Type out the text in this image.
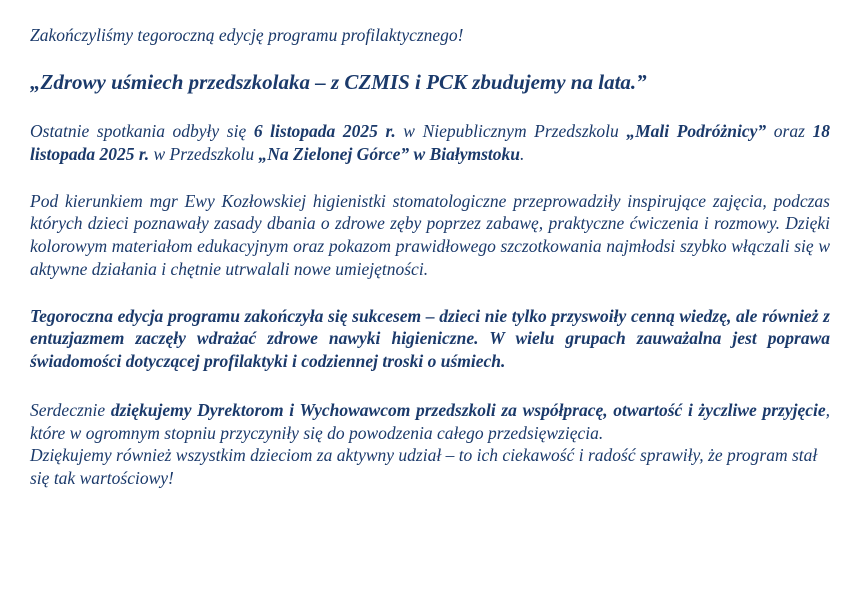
Zakończyliśmy tegoroczną edycję programu profilaktycznego!

„Zdrowy uśmiech przedszkolaka – z CZMIS i PCK zbudujemy na lata.”

Ostatnie spotkania odbyły się 6 listopada 2025 r. w Niepublicznym Przedszkolu „Mali Podróżnicy” oraz 18 listopada 2025 r. w Przedszkolu „Na Zielonej Górce” w Białymstoku.

Pod kierunkiem mgr Ewy Kozłowskiej higienistki stomatologiczne przeprowadziły inspirujące zajęcia, podczas których dzieci poznawały zasady dbania o zdrowe zęby poprzez zabawę, praktyczne ćwiczenia i rozmowy. Dzięki kolorowym materiałom edukacyjnym oraz pokazom prawidłowego szczotkowania najmłodsi szybko włączali się w aktywne działania i chętnie utrwalali nowe umiejętności.

Tegoroczna edycja programu zakończyła się sukcesem – dzieci nie tylko przyswoiły cenną wiedzę, ale również z entuzjazmem zaczęły wdrażać zdrowe nawyki higieniczne. W wielu grupach zauważalna jest poprawa świadomości dotyczącej profilaktyki i codziennej troski o uśmiech.

Serdecznie dziękujemy Dyrektorom i Wychowawcom przedszkoli za współpracę, otwartość i życzliwe przyjęcie, które w ogromnym stopniu przyczyniły się do powodzenia całego przedsięwzięcia.

Dziękujemy również wszystkim dzieciom za aktywny udział – to ich ciekawość i radość sprawiły, że program stał się tak wartościowy!
